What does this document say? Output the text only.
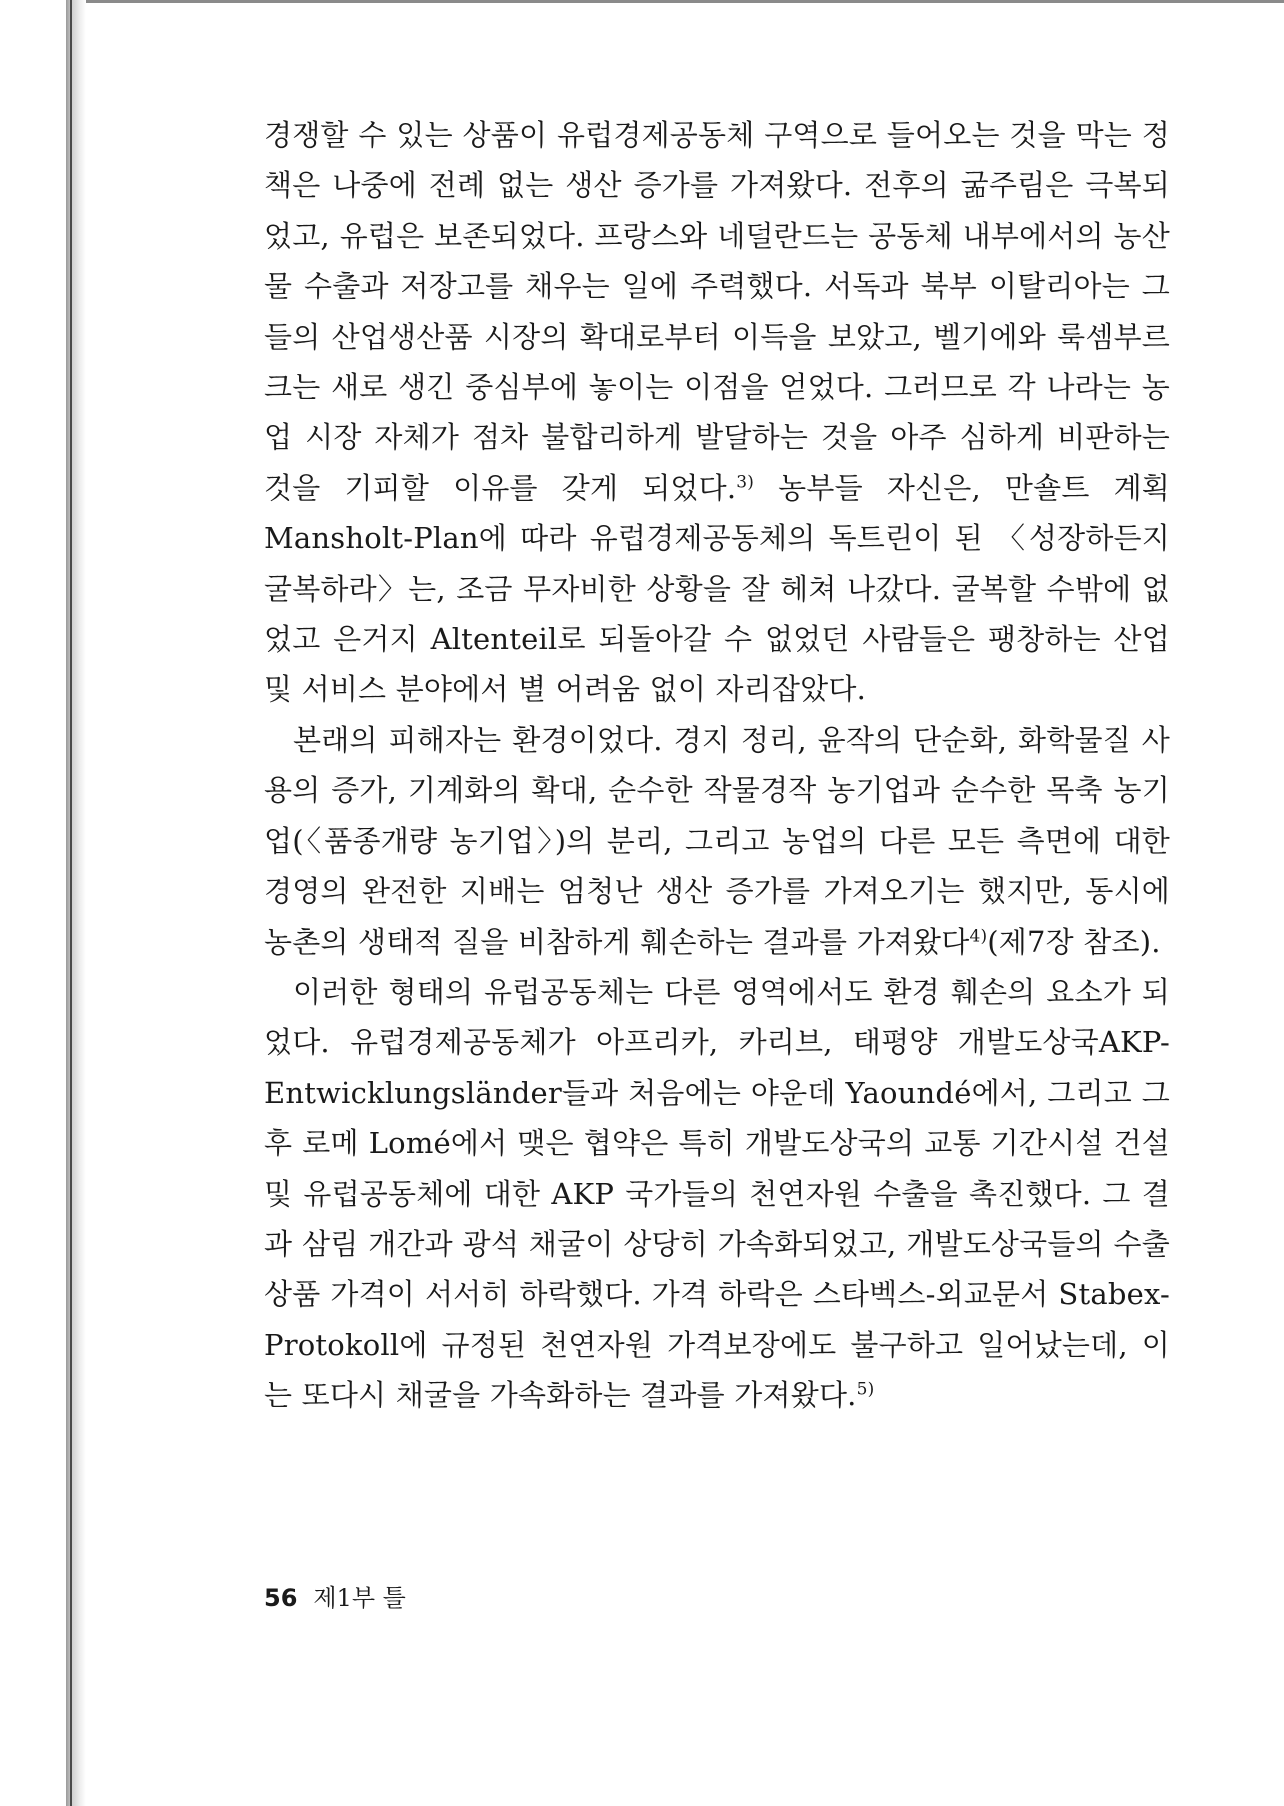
경쟁할 수 있는 상품이 유럽경제공동체 구역으로 들어오는 것을 막는 정책은 나중에 전례 없는 생산 증가를 가져왔다. 전후의 굶주림은 극복되었고, 유럽은 보존되었다. 프랑스와 네덜란드는 공동체 내부에서의 농산물 수출과 저장고를 채우는 일에 주력했다. 서독과 북부 이탈리아는 그들의 산업생산품 시장의 확대로부터 이득을 보았고, 벨기에와 룩셈부르크는 새로 생긴 중심부에 놓이는 이점을 얻었다. 그러므로 각 나라는 농업 시장 자체가 점차 불합리하게 발달하는 것을 아주 심하게 비판하는 것을 기피할 이유를 갖게 되었다.$^{3)}$ 농부들 자신은, 만숄트 계획Mansholt-Plan에 따라 유럽경제공동체의 독트린이 된 〈성장하든지 굴복하라〉는, 조금 무자비한 상황을 잘 헤쳐 나갔다. 굴복할 수밖에 없었고 은거지 Altenteil로 되돌아갈 수 없었던 사람들은 팽창하는 산업 및 서비스 분야에서 별 어려움 없이 자리잡았다.

본래의 피해자는 환경이었다. 경지 정리, 윤작의 단순화, 화학물질 사용의 증가, 기계화의 확대, 순수한 작물경작 농기업과 순수한 목축 농기업(〈품종개량 농기업〉)의 분리, 그리고 농업의 다른 모든 측면에 대한 경영의 완전한 지배는 엄청난 생산 증가를 가져오기는 했지만, 동시에 농촌의 생태적 질을 비참하게 훼손하는 결과를 가져왔다$^{4)}$(제7장 참조).

이러한 형태의 유럽공동체는 다른 영역에서도 환경 훼손의 요소가 되었다. 유럽경제공동체가 아프리카, 카리브, 태평양 개발도상국AKP-Entwicklungsländer들과 처음에는 야운데 Yaoundé에서, 그리고 그 후 로메 Lomé에서 맺은 협약은 특히 개발도상국의 교통 기간시설 건설 및 유럽공동체에 대한 AKP 국가들의 천연자원 수출을 촉진했다. 그 결과 삼림 개간과 광석 채굴이 상당히 가속화되었고, 개발도상국들의 수출상품 가격이 서서히 하락했다. 가격 하락은 스타벡스-외교문서 Stabex-Protokoll에 규정된 천연자원 가격보장에도 불구하고 일어났는데, 이는 또다시 채굴을 가속화하는 결과를 가져왔다.$^{5)}$

56 제1부 틀
